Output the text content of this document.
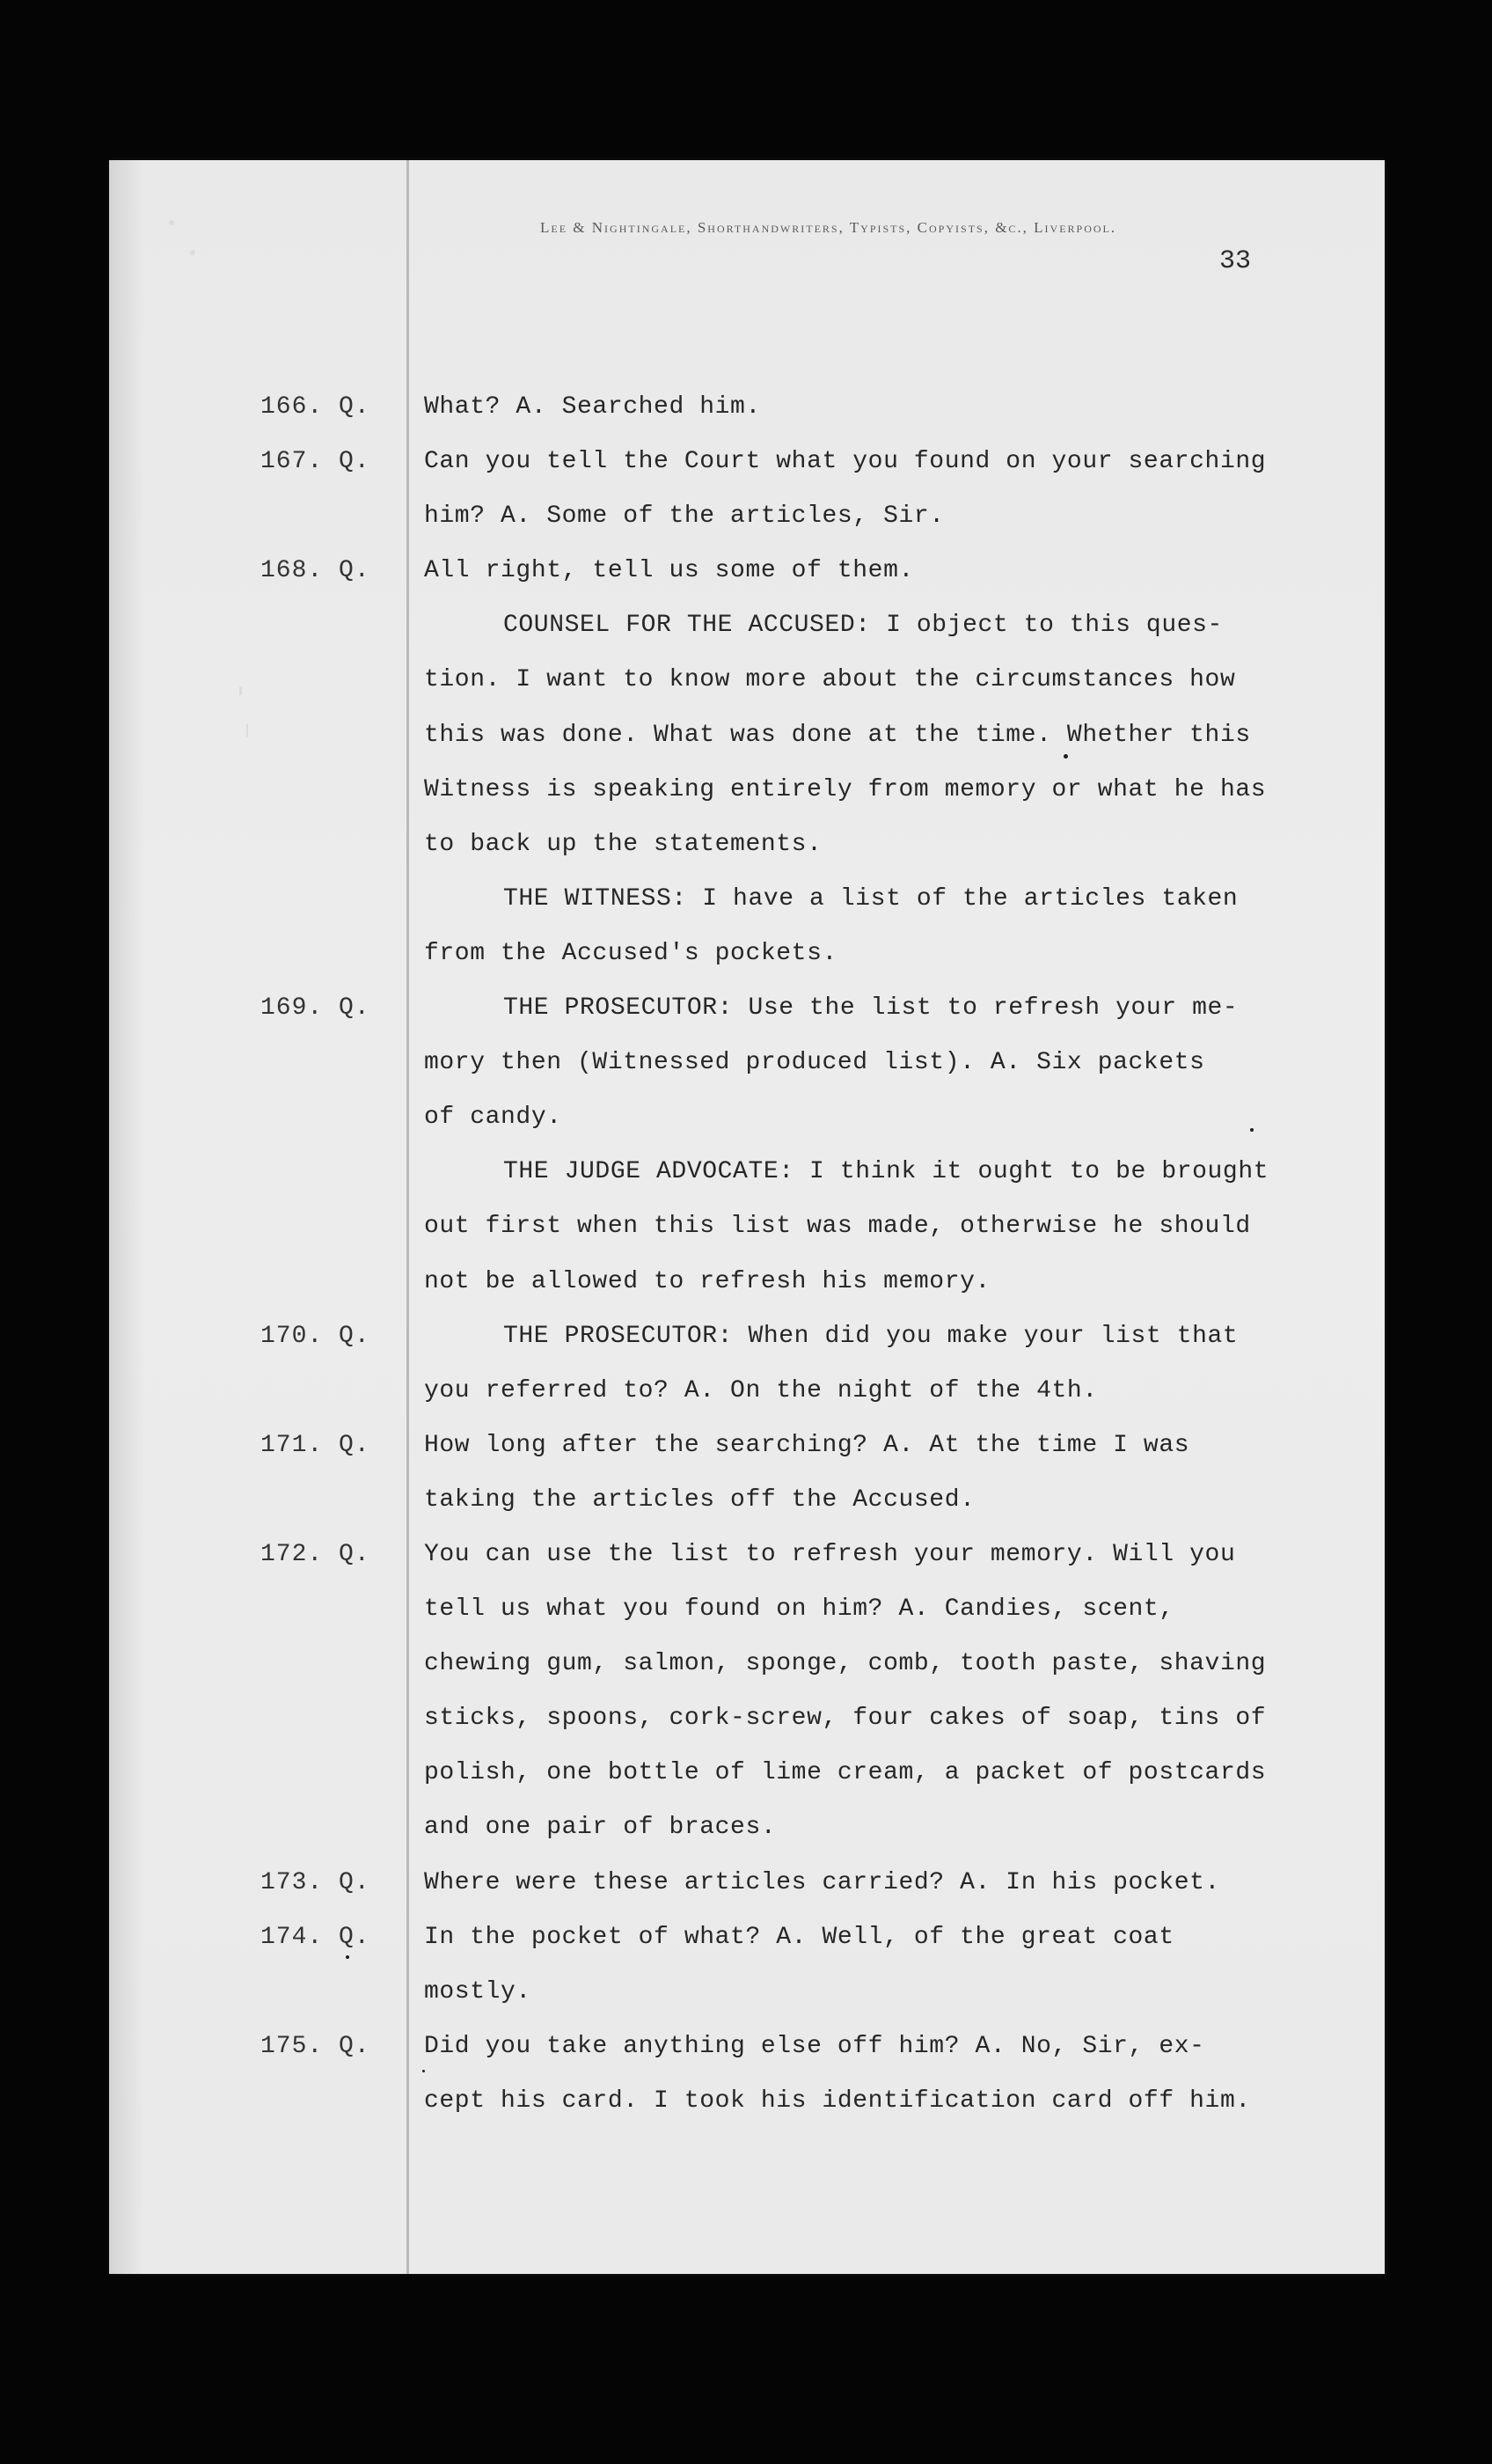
Lee & Nightingale, Shorthandwriters, Typists, Copyists, &c., Liverpool.
33
166. Q.	What? A. Searched him.
167. Q.	Can you tell the Court what you found on your searching
him? A. Some of the articles, Sir.
168. Q.	All right, tell us some of them.
COUNSEL FOR THE ACCUSED: I object to this ques-
tion. I want to know more about the circumstances how
this was done. What was done at the time. Whether this
Witness is speaking entirely from memory or what he has
to back up the statements.
THE WITNESS: I have a list of the articles taken
from the Accused's pockets.
169. Q.	THE PROSECUTOR: Use the list to refresh your me-
mory then (Witnessed produced list). A. Six packets
of candy.
THE JUDGE ADVOCATE: I think it ought to be brought
out first when this list was made, otherwise he should
not be allowed to refresh his memory.
170. Q.	THE PROSECUTOR: When did you make your list that
you referred to? A. On the night of the 4th.
171. Q.	How long after the searching? A. At the time I was
taking the articles off the Accused.
172. Q.	You can use the list to refresh your memory. Will you
tell us what you found on him? A. Candies, scent,
chewing gum, salmon, sponge, comb, tooth paste, shaving
sticks, spoons, cork-screw, four cakes of soap, tins of
polish, one bottle of lime cream, a packet of postcards
and one pair of braces.
173. Q.	Where were these articles carried? A. In his pocket.
174. Q.	In the pocket of what? A. Well, of the great coat
mostly.
175. Q.	Did you take anything else off him? A. No, Sir, ex-
cept his card. I took his identification card off him.
